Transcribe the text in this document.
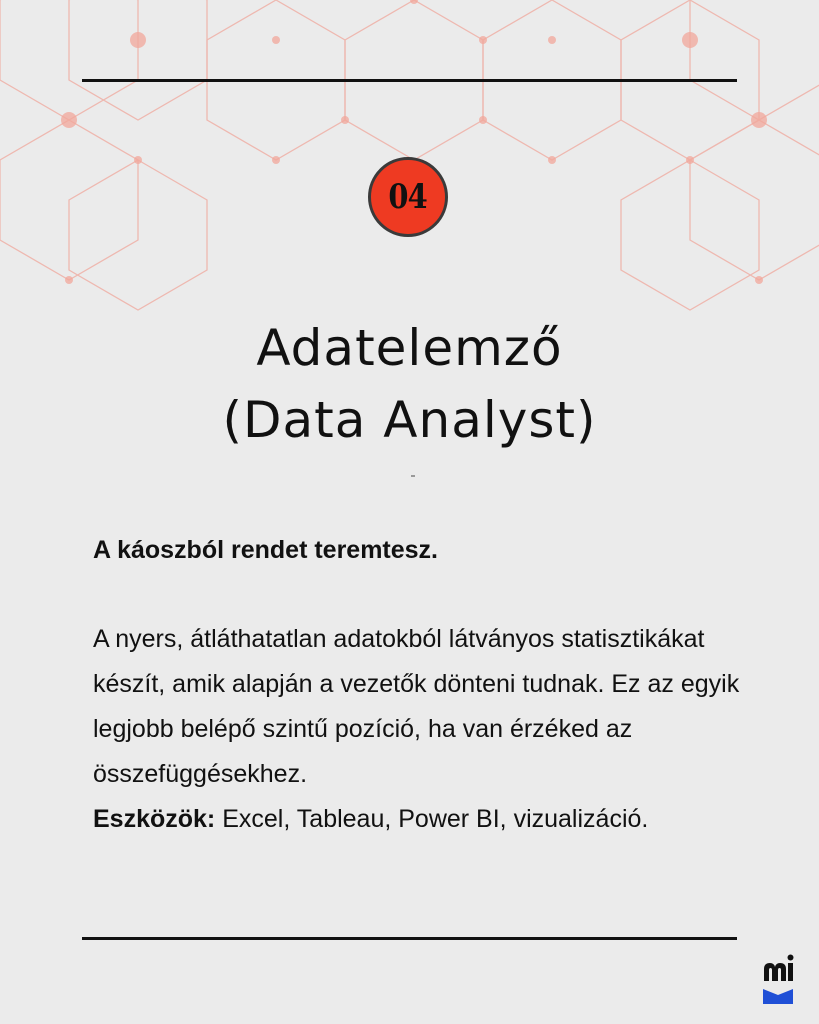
04
Adatelemző
(Data Analyst)

A káoszból rendet teremtesz.

A nyers, átláthatatlan adatokból látványos statisztikákat készít, amik alapján a vezetők dönteni tudnak. Ez az egyik legjobb belépő szintű pozíció, ha van érzéked az összefüggésekhez.

Eszközök: Excel, Tableau, Power BI, vizualizáció.
